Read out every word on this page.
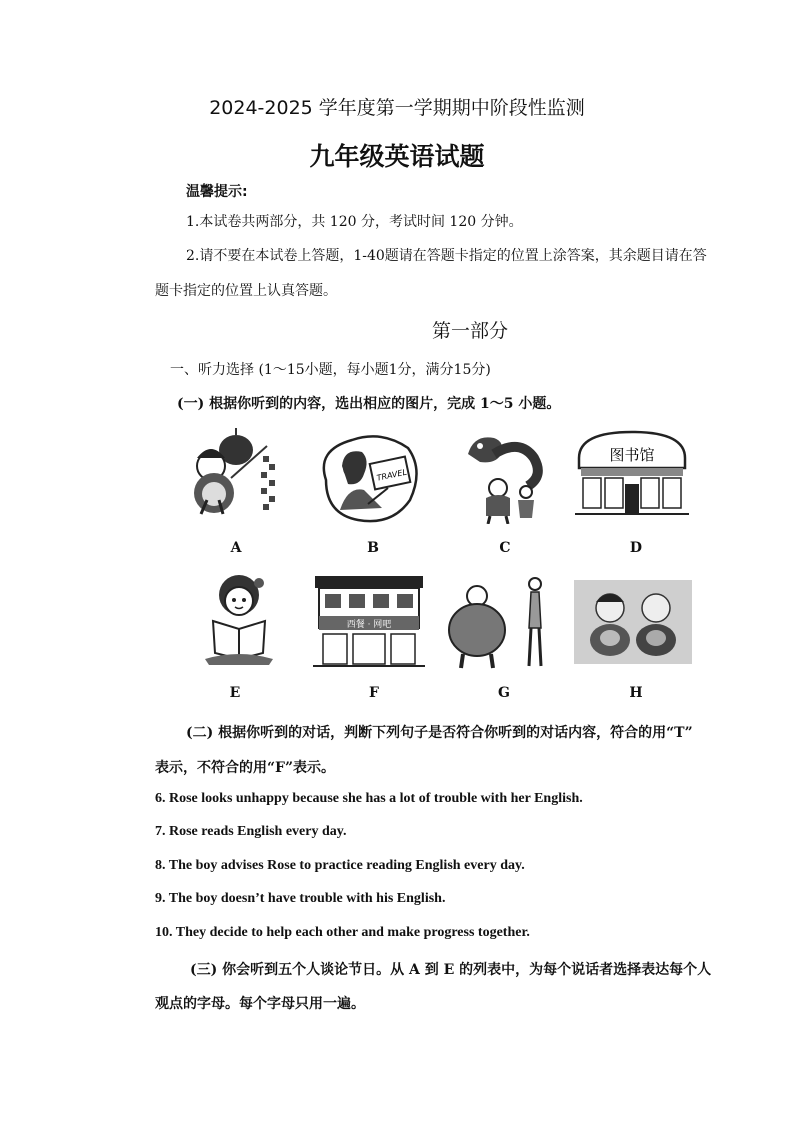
2024-2025 学年度第一学期期中阶段性监测
九年级英语试题
温馨提示:
1.本试卷共两部分，共 120 分，考试时间 120 分钟。
2.请不要在本试卷上答题，1-40题请在答题卡指定的位置上涂答案，其余题目请在答
题卡指定的位置上认真答题。
第一部分
一、听力选择 (1～15小题，每小题1分，满分15分)
(一) 根据你听到的内容，选出相应的图片，完成 1～5 小题。
A
TRAVEL
B	C
图书馆
D
E
西餐 · 网吧
F	G	H
(二) 根据你听到的对话，判断下列句子是否符合你听到的对话内容，符合的用“T”
表示，不符合的用“F”表示。
6. Rose looks unhappy because she has a lot of trouble with her English.
7. Rose reads English every day.
8. The boy advises Rose to practice reading English every day.
9. The boy doesn’t have trouble with his English.
10. They decide to help each other and make progress together.
(三) 你会听到五个人谈论节日。从 A 到 E 的列表中，为每个说话者选择表达每个人
观点的字母。每个字母只用一遍。
